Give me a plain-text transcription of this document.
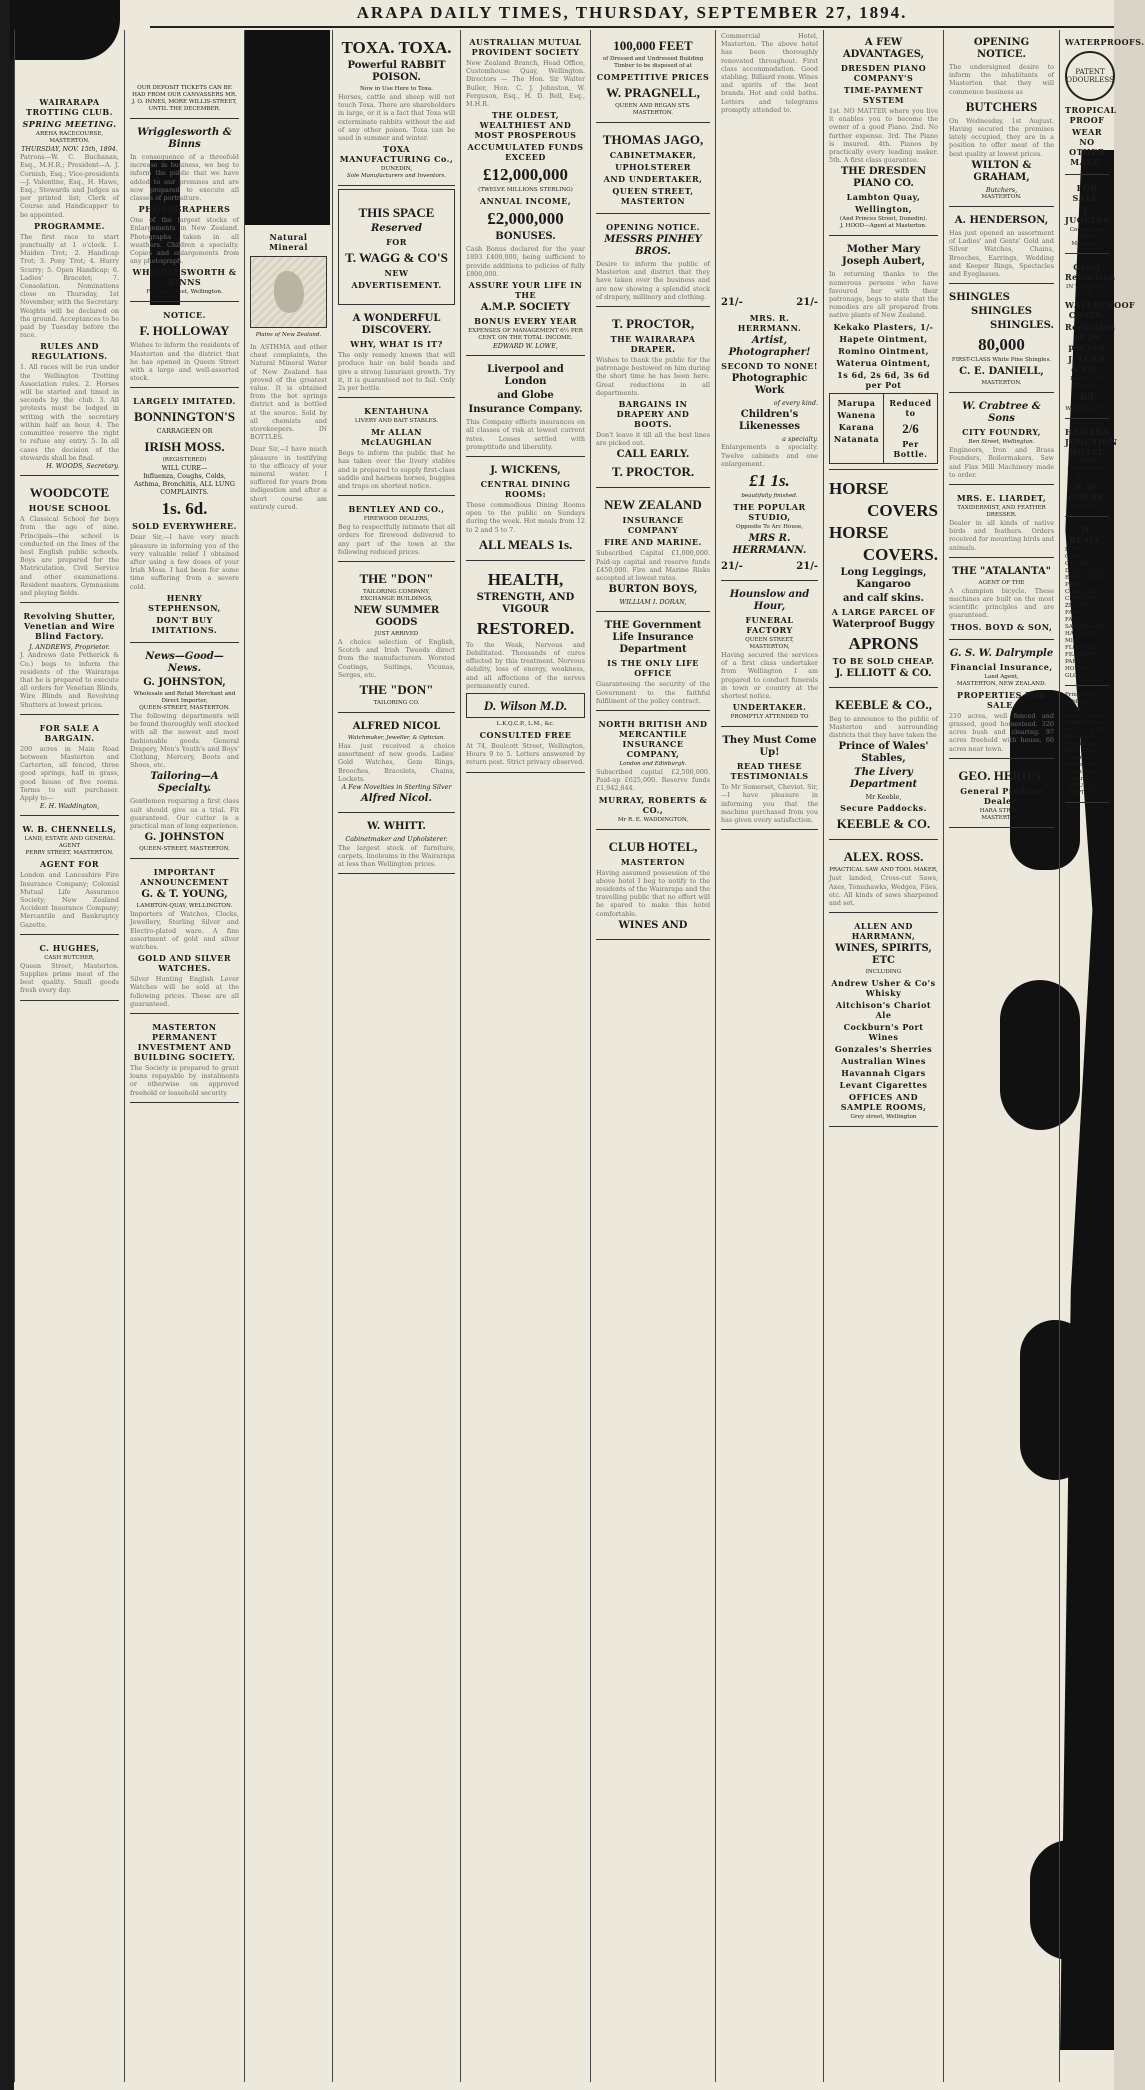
ARAPA DAILY TIMES, THURSDAY, SEPTEMBER 27, 1894.
WAIRARAPA TROTTING CLUB.
SPRING MEETING.
AREHA RACECOURSE, MASTERTON.
THURSDAY, NOV. 15th, 1894.
Patrons—W. C. Buchanan, Esq., M.H.R.; President—A. J. Cornish, Esq.; Vice-presidents—J. Valentine, Esq., H. Hawe, Esq.; Stewards and Judges as per printed list; Clerk of Course and Handicapper to be appointed.
PROGRAMME.
The first race to start punctually at 1 o'clock. 1. Maiden Trot; 2. Handicap Trot; 3. Pony Trot; 4. Hurry Scurry; 5. Open Handicap; 6. Ladies' Bracelet; 7. Consolation. Nominations close on Thursday, 1st November, with the Secretary. Weights will be declared on the ground. Acceptances to be paid by Tuesday before the race.
RULES AND REGULATIONS.
1. All races will be run under the Wellington Trotting Association rules. 2. Horses will be started and timed in seconds by the club. 3. All protests must be lodged in writing with the secretary within half an hour. 4. The committee reserve the right to refuse any entry. 5. In all cases the decision of the stewards shall be final.
H. WOODS, Secretary.
WOODCOTE
HOUSE SCHOOL
A Classical School for boys from the age of nine. Principals—the school is conducted on the lines of the best English public schools. Boys are prepared for the Matriculation, Civil Service and other examinations. Resident masters. Gymnasium and playing fields.
Revolving Shutter, Venetian and Wire Blind Factory.
J. ANDREWS, Proprietor.
J. Andrews (late Petherick & Co.) begs to inform the residents of the Wairarapa that he is prepared to execute all orders for Venetian Blinds, Wire Blinds and Revolving Shutters at lowest prices.
FOR SALE A BARGAIN.
200 acres in Main Road between Masterton and Carterton, all fenced, three good springs, half in grass, good house of five rooms. Terms to suit purchaser. Apply to—
E. H. Waddington,
W. B. CHENNELLS,
LAND, ESTATE AND GENERAL AGENT
PERRY STREET, MASTERTON.
AGENT FOR
London and Lancashire Fire Insurance Company; Colonial Mutual Life Assurance Society; New Zealand Accident Insurance Company; Mercantile and Bankruptcy Gazette.
C. HUGHES,
CASH BUTCHER,
Queen Street, Masterton. Supplies prime meat of the best quality. Small goods fresh every day.
OUR DEPOSIT TICKETS CAN BE HAD FROM OUR CANVASSERS MR. J. O. INNES, MORE WILLIS-STREET, UNTIL THE DECEMBER.
Wrigglesworth & Binns
In consequence of a threefold increase in business, we beg to inform the public that we have added to our premises and are now prepared to execute all classes of portraiture.
PHOTOGRAPHERS
One of the largest stocks of Enlargements in New Zealand. Photographs taken in all weathers. Children a specialty. Copies and enlargements from any photograph.
WHICCLESWORTH & BINNS
F. Willis-street, Wellington.
NOTICE.
F. HOLLOWAY
Wishes to inform the residents of Masterton and the district that he has opened in Queen Street with a large and well-assorted stock.
LARGELY IMITATED.
BONNINGTON'S
CARRAGEEN OR
IRISH MOSS.
(REGISTERED)
WILL CURE—
Influenza, Coughs, Colds, Asthma, Bronchitis, ALL LUNG COMPLAINTS.
1s. 6d.
SOLD EVERYWHERE.
Dear Sir,—I have very much pleasure in informing you of the very valuable relief I obtained after using a few doses of your Irish Moss. I had been for some time suffering from a severe cold.
HENRY STEPHENSON,
DON'T BUY IMITATIONS.
News—Good—News.
G. JOHNSTON,
Wholesale and Retail Merchant and Direct Importer,
QUEEN-STREET, MASTERTON.
The following departments will be found thoroughly well stocked with all the newest and most fashionable goods. General Drapery, Men's Youth's and Boys' Clothing, Mercery, Boots and Shoes, etc.
Tailoring—A Specialty.
Gentlemen requiring a first class suit should give us a trial. Fit guaranteed. Our cutter is a practical man of long experience.
G. JOHNSTON
QUEEN-STREET, MASTERTON.
IMPORTANT ANNOUNCEMENT
G. & T. YOUNG,
LAMBTON-QUAY, WELLINGTON.
Importers of Watches, Clocks, Jewellery, Sterling Silver and Electro-plated ware. A fine assortment of gold and silver watches.
GOLD AND SILVER WATCHES.
Silver Hunting English Lever Watches will be sold at the following prices. These are all guaranteed.
MASTERTON PERMANENT INVESTMENT AND BUILDING SOCIETY.
The Society is prepared to grant loans repayable by instalments or otherwise on approved freehold or leasehold security.
Natural Mineral
Plains of New Zealand.
In ASTHMA and other chest complaints, the Natural Mineral Water of New Zealand has proved of the greatest value. It is obtained from the hot springs district and is bottled at the source. Sold by all chemists and storekeepers. IN BOTTLES.
Dear Sir,—I have much pleasure in testifying to the efficacy of your mineral water. I suffered for years from indigestion and after a short course am entirely cured.
TOXA. TOXA.
Powerful RABBIT POISON.
Now in Use Here to Toxa.
Horses, cattle and sheep will not touch Toxa. There are shareholders in large, or it is a fact that Toxa will exterminate rabbits without the aid of any other poison. Toxa can be used in summer and winter.
TOXA MANUFACTURING Co.,
DUNEDIN,
Sole Manufacturers and Inventors.
THIS SPACE
Reserved
FOR
T. WAGG & CO'S
NEW
ADVERTISEMENT.
A WONDERFUL DISCOVERY.
WHY, WHAT IS IT?
The only remedy known that will produce hair on bald heads and give a strong luxuriant growth. Try it, it is guaranteed not to fail. Only 2s per bottle.
KENTAHUNA
LIVERY AND BAIT STABLES.
Mr ALLAN McLAUGHLAN
Begs to inform the public that he has taken over the livery stables and is prepared to supply first-class saddle and harness horses, buggies and traps on shortest notice.
BENTLEY AND CO.,
FIREWOOD DEALERS,
Beg to respectfully intimate that all orders for firewood delivered to any part of the town at the following reduced prices.
THE "DON"
TAILORING COMPANY,
EXCHANGE BUILDINGS,
NEW SUMMER GOODS
JUST ARRIVED
A choice selection of English, Scotch and Irish Tweeds direct from the manufacturers. Worsted Coatings, Suitings, Vicunas, Serges, etc.
THE "DON"
TAILORING CO.
ALFRED NICOL
Watchmaker, Jeweller, & Optician.
Has just received a choice assortment of new goods. Ladies' Gold Watches, Gem Rings, Brooches, Bracelets, Chains, Lockets.
A Few Novelties in Sterling Silver
Alfred Nicol.
W. WHITT.
Cabinetmaker and Upholsterer.
The largest stock of furniture, carpets, linoleums in the Wairarapa at less than Wellington prices.
AUSTRALIAN MUTUAL PROVIDENT SOCIETY
New Zealand Branch, Head Office, Customhouse Quay, Wellington. Directors — The Hon. Sir Walter Buller, Hon. C. J. Johnston, W. Ferguson, Esq., H. D. Bell, Esq., M.H.R.
THE OLDEST, WEALTHIEST AND MOST PROSPEROUS
ACCUMULATED FUNDS EXCEED
£12,000,000
(TWELVE MILLIONS STERLING)
ANNUAL INCOME,
£2,000,000
BONUSES.
Cash Bonus declared for the year 1893 £400,000, being sufficient to provide additions to policies of fully £800,000.
ASSURE YOUR LIFE IN THE
A.M.P. SOCIETY
BONUS EVERY YEAR
EXPENSES OF MANAGEMENT 6½ PER CENT. ON THE TOTAL INCOME.
EDWARD W. LOWE,
Liverpool and London
and Globe
Insurance Company.
This Company effects insurances on all classes of risk at lowest current rates. Losses settled with promptitude and liberality.
J. WICKENS,
CENTRAL DINING ROOMS:
These commodious Dining Rooms open to the public on Sundays during the week. Hot meals from 12 to 2 and 5 to 7.
ALL MEALS 1s.
HEALTH,
STRENGTH, AND VIGOUR
RESTORED.
To the Weak, Nervous and Debilitated. Thousands of cures effected by this treatment. Nervous debility, loss of energy, weakness, and all affections of the nerves permanently cured.
D. Wilson M.D.
L.K.Q.C.P., L.M., &c.
CONSULTED FREE
At 74, Boulcott Street, Wellington, Hours 9 to 5. Letters answered by return post. Strict privacy observed.
100,000 FEET
of Dressed and Undressed Building Timber to be disposed of at
COMPETITIVE PRICES
W. PRAGNELL,
QUEEN AND REGAN STS. MASTERTON.
THOMAS JAGO,
CABINETMAKER,
UPHOLSTERER
AND UNDERTAKER,
QUEEN STREET, MASTERTON
OPENING NOTICE.
MESSRS PINHEY BROS.
Desire to inform the public of Masterton and district that they have taken over the business and are now showing a splendid stock of drapery, millinery and clothing.
T. PROCTOR,
THE WAIRARAPA DRAPER.
Wishes to thank the public for the patronage bestowed on him during the short time he has been here. Great reductions in all departments.
BARGAINS IN DRAPERY AND BOOTS.
Don't leave it till all the best lines are picked out.
CALL EARLY.
T. PROCTOR.
NEW ZEALAND
INSURANCE COMPANY
FIRE AND MARINE.
Subscribed Capital £1,000,000. Paid-up capital and reserve funds £450,000. Fire and Marine Risks accepted at lowest rates.
BURTON BOYS,
WILLIAM I. DORAN,
THE Government Life Insurance Department
IS THE ONLY LIFE OFFICE
Guaranteeing the security of the Government to the faithful fulfilment of the policy contract.
NORTH BRITISH AND MERCANTILE INSURANCE COMPANY,
London and Edinburgh.
Subscribed capital £2,500,000. Paid-up £625,000. Reserve funds £1,942,844.
MURRAY, ROBERTS & CO.,
Mr R. E. WADDINGTON,
CLUB HOTEL,
MASTERTON
Having assumed possession of the above hotel I beg to notify to the residents of the Wairarapa and the travelling public that no effort will be spared to make this hotel comfortable.
WINES AND
Commercial Hotel, Masterton. The above hotel has been thoroughly renovated throughout. First class accommodation. Good stabling. Billiard room. Wines and spirits of the best brands. Hot and cold baths. Letters and telegrams promptly attended to.
21/-	21/-
MRS. R. HERRMANN.
Artist, Photographer!
SECOND TO NONE!
Photographic Work
of every kind.
Children's Likenesses
a specialty.
Enlargements a specialty. Twelve cabinets and one enlargement.
£1 1s.
beautifully finished.
THE POPULAR STUDIO,
Opposite To Arc House,
MRS R. HERRMANN.
21/-	21/-
Hounslow and Hour,
FUNERAL FACTORY
QUEEN STREET,
MASTERTON,
Having secured the services of a first class undertaker from Wellington I am prepared to conduct funerals in town or country at the shortest notice.
UNDERTAKER.
PROMPTLY ATTENDED TO
They Must Come Up!
READ THESE TESTIMONIALS
To Mr Somerset, Cheviot. Sir,—I have pleasure in informing you that the machine purchased from you has given every satisfaction.
A FEW ADVANTAGES,
DRESDEN PIANO COMPANY'S
TIME-PAYMENT SYSTEM
1st. NO MATTER where you live it enables you to become the owner of a good Piano. 2nd. No further expense. 3rd. The Piano is insured. 4th. Pianos by practically every leading maker. 5th. A first class guarantee.
THE DRESDEN PIANO CO.
Lambton Quay,
Wellington,
(And Princes Street, Dunedin).
J. HOOD—Agent at Masterton.
Mother Mary Joseph Aubert,
In returning thanks to the numerous persons who have favoured her with their patronage, begs to state that the remedies are all prepared from native plants of New Zealand.
Kekako Plasters, 1/-
Hapete Ointment,
Romino Ointment,
Waterua Ointment,
1s 6d, 2s 6d, 3s 6d per Pot
Marupa
Wanena
Karana
Natanata
Reduced to
2/6
Per Bottle.
HORSE
COVERS
HORSE
COVERS.
Long Leggings, Kangaroo
and calf skins.
A LARGE PARCEL OF
Waterproof Buggy
APRONS
TO BE SOLD CHEAP.
J. ELLIOTT & CO.
KEEBLE & CO.,
Beg to announce to the public of Masterton and surrounding districts that they have taken the
Prince of Wales' Stables,
The Livery Department
Mr Keeble,
Secure Paddocks.
KEEBLE & CO.
ALEX. ROSS.
PRACTICAL SAW AND TOOL MAKER,
Just landed, Cross-cut Saws, Axes, Tomahawks, Wedges, Files, etc. All kinds of saws sharpened and set.
ALLEN AND HARRMANN,
WINES, SPIRITS, ETC
INCLUDING
Andrew Usher & Co's Whisky
Aitchison's Chariot Ale
Cockburn's Port Wines
Gonzales's Sherries
Australian Wines
Havannah Cigars
Levant Cigarettes
OFFICES AND SAMPLE ROOMS,
Grey street, Wellington
OPENING NOTICE.
The undersigned desire to inform the inhabitants of Masterton that they will commence business as
BUTCHERS
On Wednesday, 1st August. Having secured the premises lately occupied, they are in a position to offer meat of the best quality at lowest prices.
WILTON & GRAHAM,
Butchers,
MASTERTON.
A. HENDERSON,
Has just opened an assortment of Ladies' and Gents' Gold and Silver Watches, Chains, Brooches, Earrings, Wedding and Keeper Rings, Spectacles and Eyeglasses.
SHINGLES
SHINGLES
SHINGLES.
80,000
FIRST-CLASS White Pine Shingles.
C. E. DANIELL,
MASTERTON.
W. Crabtree & Sons
CITY FOUNDRY,
Ben Street, Wellington.
Engineers, Iron and Brass Founders, Boilermakers. Saw and Flax Mill Machinery made to order.
MRS. E. LIARDET,
TAXIDERMIST, AND FEATHER DRESSER.
Dealer in all kinds of native birds and feathers. Orders received for mounting birds and animals.
THE "ATALANTA"
AGENT OF THE
A champion bicycle. These machines are built on the most scientific principles and are guaranteed.
THOS. BOYD & SON,
G. S. W. Dalrymple
Financial Insurance,
Land Agent,
MASTERTON, NEW ZEALAND.
PROPERTIES FOR SALE.
210 acres, well fenced and grassed, good homestead. 320 acres bush and clearing. 97 acres freehold with house. 60 acres near town.
GEO. HERON,
General Produce Dealer,
HARA STREET,
MASTERTON.
WATERPROOFS.
PATENT ODOURLESS
TROPICAL PROOF
WEAR NO OTHER MAKE.
FOR SALE.
J. JUGGINS.
Commission Agent, Masterton.
Great Reduction
IN THE PRICE OF
WATERPROOF COATS.
Reduction of 20 per cen
J. LUSH & CO.,
Hatters and Mercers,
69
WELLINGTON.
HAWERA JUNCTION HOTEL
HAWERA (FORTY-MILE BUSH)
P. W. CORBY,
Proprietor.
H. BEALE,
DRESS GOODS
CAMBRIC
DRILLS AND
EMBROIDERY
PRINT COLOURS
CHIFFONS
ZEPHYRS AND
FANCY FABRICS
SASHES AND
HATS AND MIL
FLOWERS
FEATHERS
PARASOLS
HOSIERY
GLOVES
Printed and published by Joseph ... under the style of the Printers and Co. at the office of the Wairarapa Daily Times, Queen-street, Masterton, North New Zealand.
THURSDAY, SEPT. 27, 18
